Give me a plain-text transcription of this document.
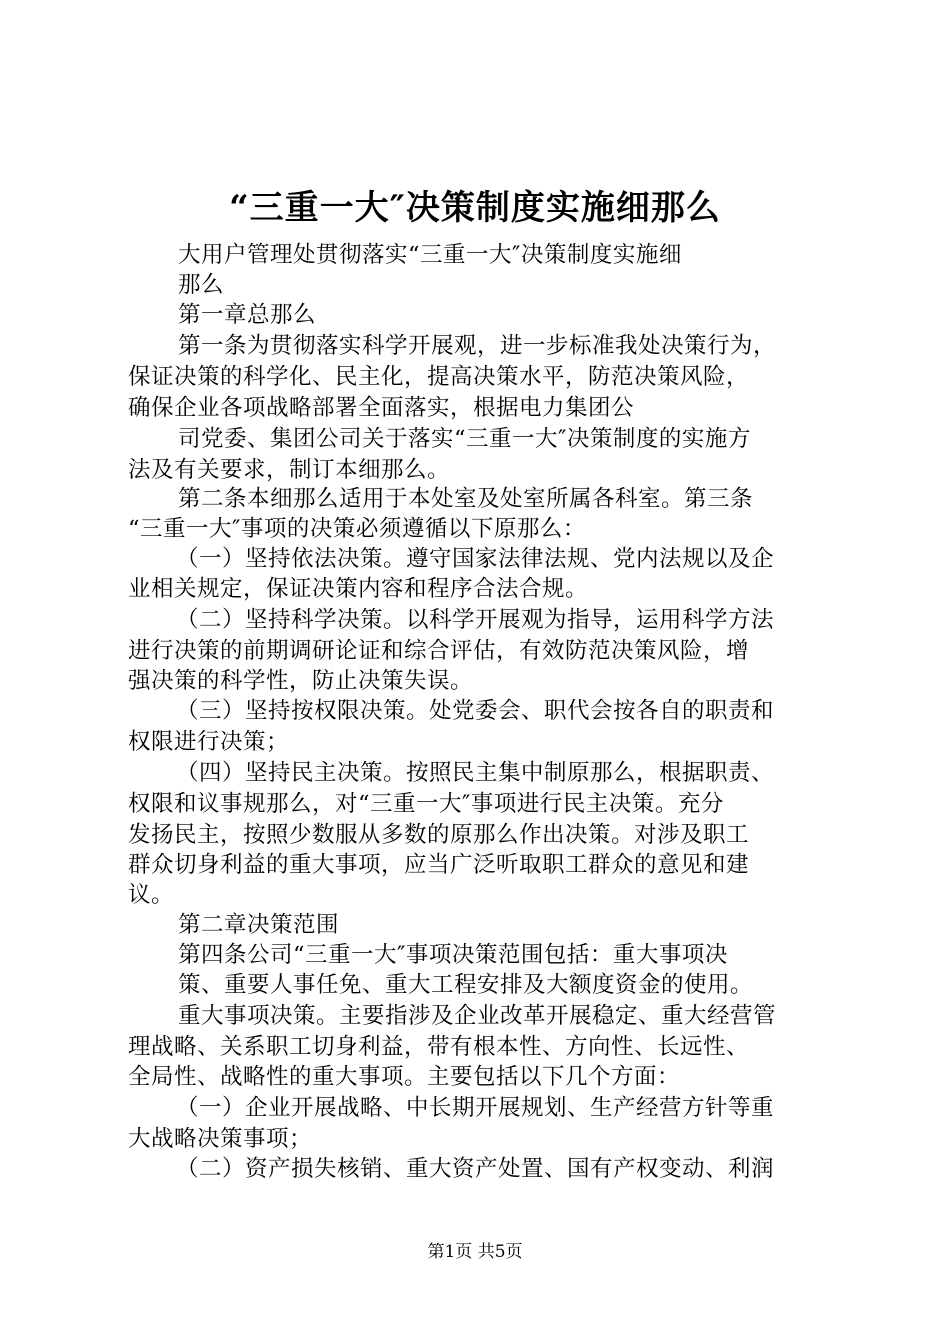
“三重一大″决策制度实施细那么
大用户管理处贯彻落实“三重一大″决策制度实施细
那么
第一章总那么
第一条为贯彻落实科学开展观，进一步标准我处决策行为，
保证决策的科学化、民主化，提高决策水平，防范决策风险，
确保企业各项战略部署全面落实，根据电力集团公
司党委、集团公司关于落实“三重一大″决策制度的实施方
法及有关要求，制订本细那么。
第二条本细那么适用于本处室及处室所属各科室。第三条
“三重一大″事项的决策必须遵循以下原那么：
（一）坚持依法决策。遵守国家法律法规、党内法规以及企
业相关规定，保证决策内容和程序合法合规。
（二）坚持科学决策。以科学开展观为指导，运用科学方法
进行决策的前期调研论证和综合评估，有效防范决策风险，增
强决策的科学性，防止决策失误。
（三）坚持按权限决策。处党委会、职代会按各自的职责和
权限进行决策；
（四）坚持民主决策。按照民主集中制原那么，根据职责、
权限和议事规那么，对“三重一大″事项进行民主决策。充分
发扬民主，按照少数服从多数的原那么作出决策。对涉及职工
群众切身利益的重大事项，应当广泛听取职工群众的意见和建
议。
第二章决策范围
第四条公司“三重一大″事项决策范围包括：重大事项决
策、重要人事任免、重大工程安排及大额度资金的使用。
重大事项决策。主要指涉及企业改革开展稳定、重大经营管
理战略、关系职工切身利益，带有根本性、方向性、长远性、
全局性、战略性的重大事项。主要包括以下几个方面：
（一）企业开展战略、中长期开展规划、生产经营方针等重
大战略决策事项；
（二）资产损失核销、重大资产处置、国有产权变动、利润
第1页 共5页
